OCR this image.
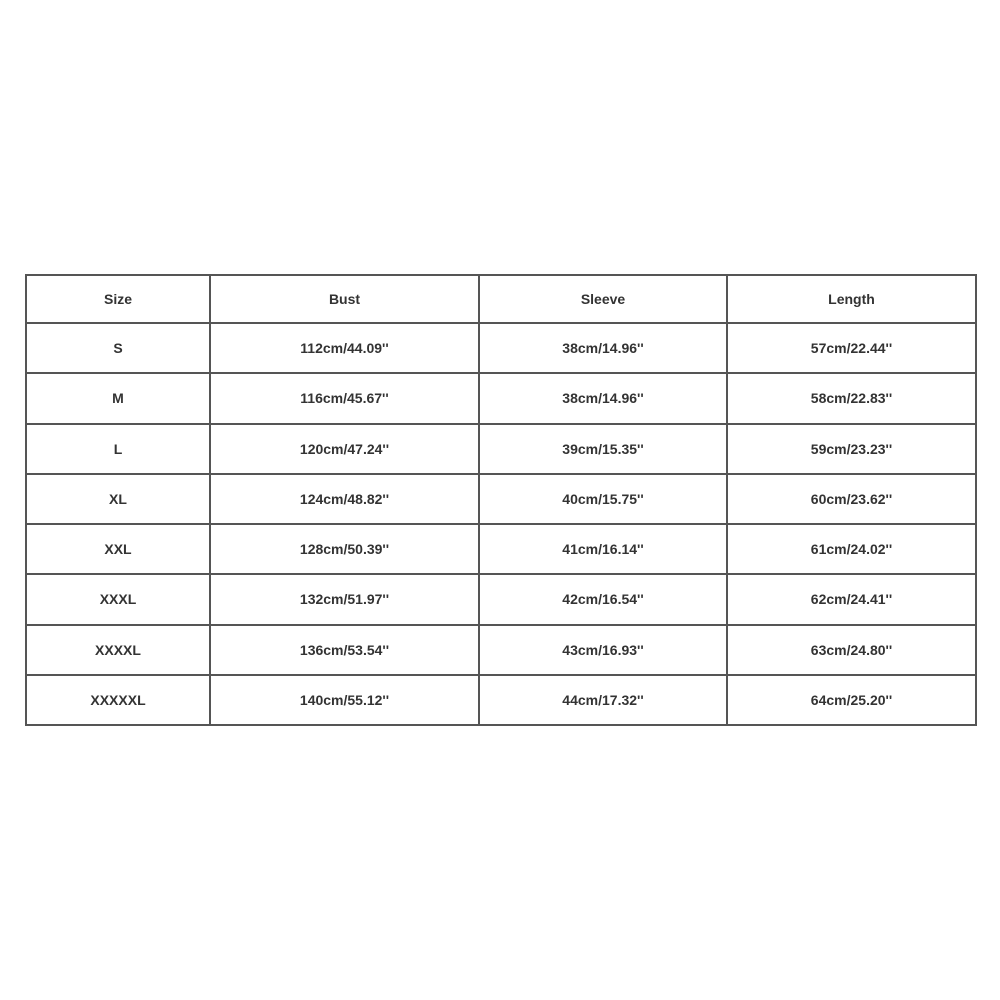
Size	Bust	Sleeve	Length
S	112cm/44.09''	38cm/14.96''	57cm/22.44''
M	116cm/45.67''	38cm/14.96''	58cm/22.83''
L	120cm/47.24''	39cm/15.35''	59cm/23.23''
XL	124cm/48.82''	40cm/15.75''	60cm/23.62''
XXL	128cm/50.39''	41cm/16.14''	61cm/24.02''
XXXL	132cm/51.97''	42cm/16.54''	62cm/24.41''
XXXXL	136cm/53.54''	43cm/16.93''	63cm/24.80''
XXXXXL	140cm/55.12''	44cm/17.32''	64cm/25.20''
